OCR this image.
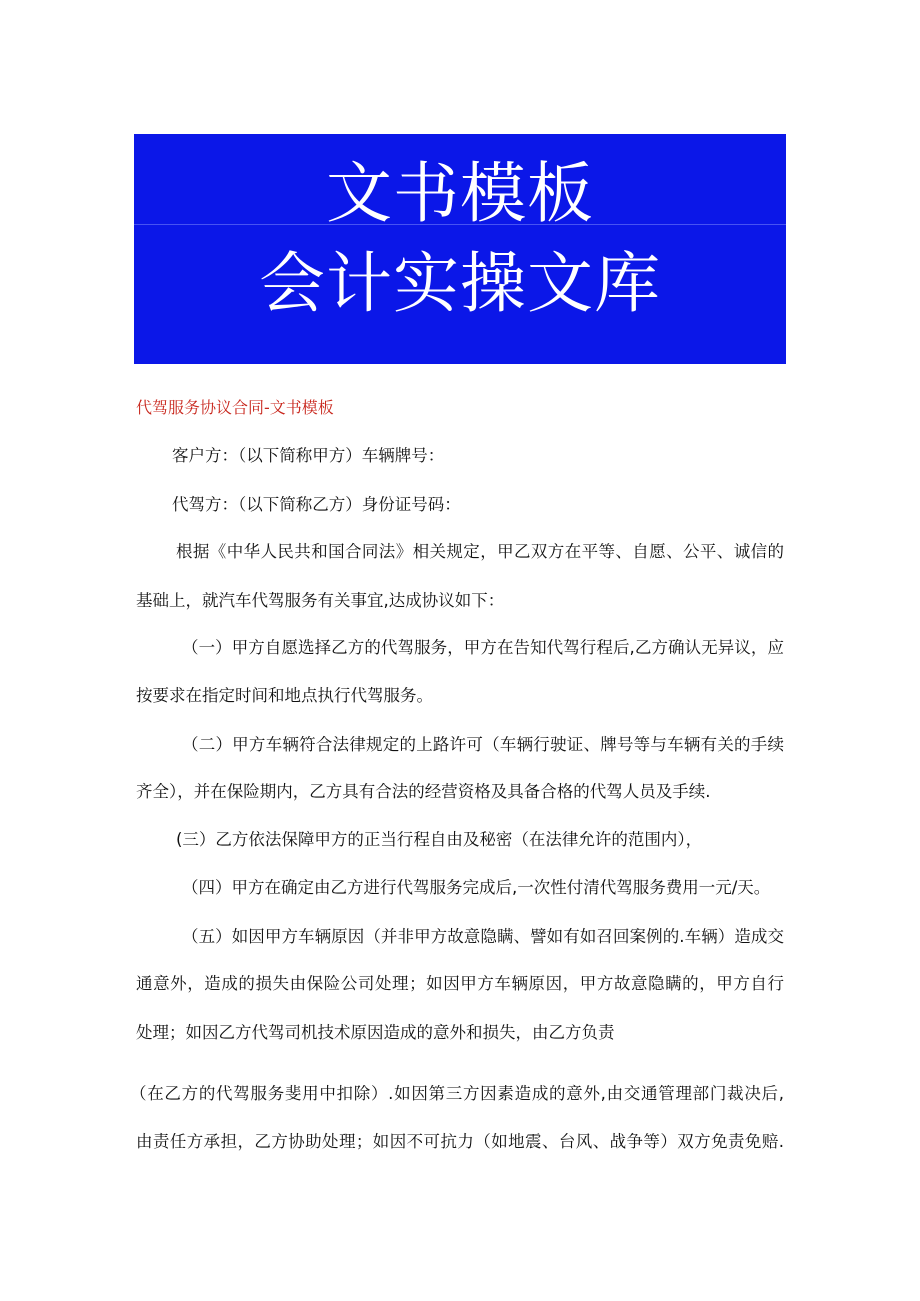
文书模板
会计实操文库
代驾服务协议合同-文书模板
客户方：（以下简称甲方）车辆牌号：
代驾方：（以下简称乙方）身份证号码：
根据《中华人民共和国合同法》相关规定，甲乙双方在平等、自愿、公平、诚信的
基础上，就汽车代驾服务有关事宜,达成协议如下：
（一）甲方自愿选择乙方的代驾服务，甲方在告知代驾行程后,乙方确认无异议，应
按要求在指定时间和地点执行代驾服务。
（二）甲方车辆符合法律规定的上路许可（车辆行驶证、牌号等与车辆有关的手续
齐全），并在保险期内，乙方具有合法的经营资格及具备合格的代驾人员及手续.
(三）乙方依法保障甲方的正当行程自由及秘密（在法律允许的范围内），
（四）甲方在确定由乙方进行代驾服务完成后,一次性付清代驾服务费用一元/天。
（五）如因甲方车辆原因（并非甲方故意隐瞒、譬如有如召回案例的.车辆）造成交
通意外，造成的损失由保险公司处理；如因甲方车辆原因，甲方故意隐瞒的，甲方自行
处理；如因乙方代驾司机技术原因造成的意外和损失，由乙方负责
（在乙方的代驾服务斐用中扣除）.如因第三方因素造成的意外,由交通管理部门裁决后,
由责任方承担，乙方协助处理；如因不可抗力（如地震、台风、战争等）双方免责免赔.
